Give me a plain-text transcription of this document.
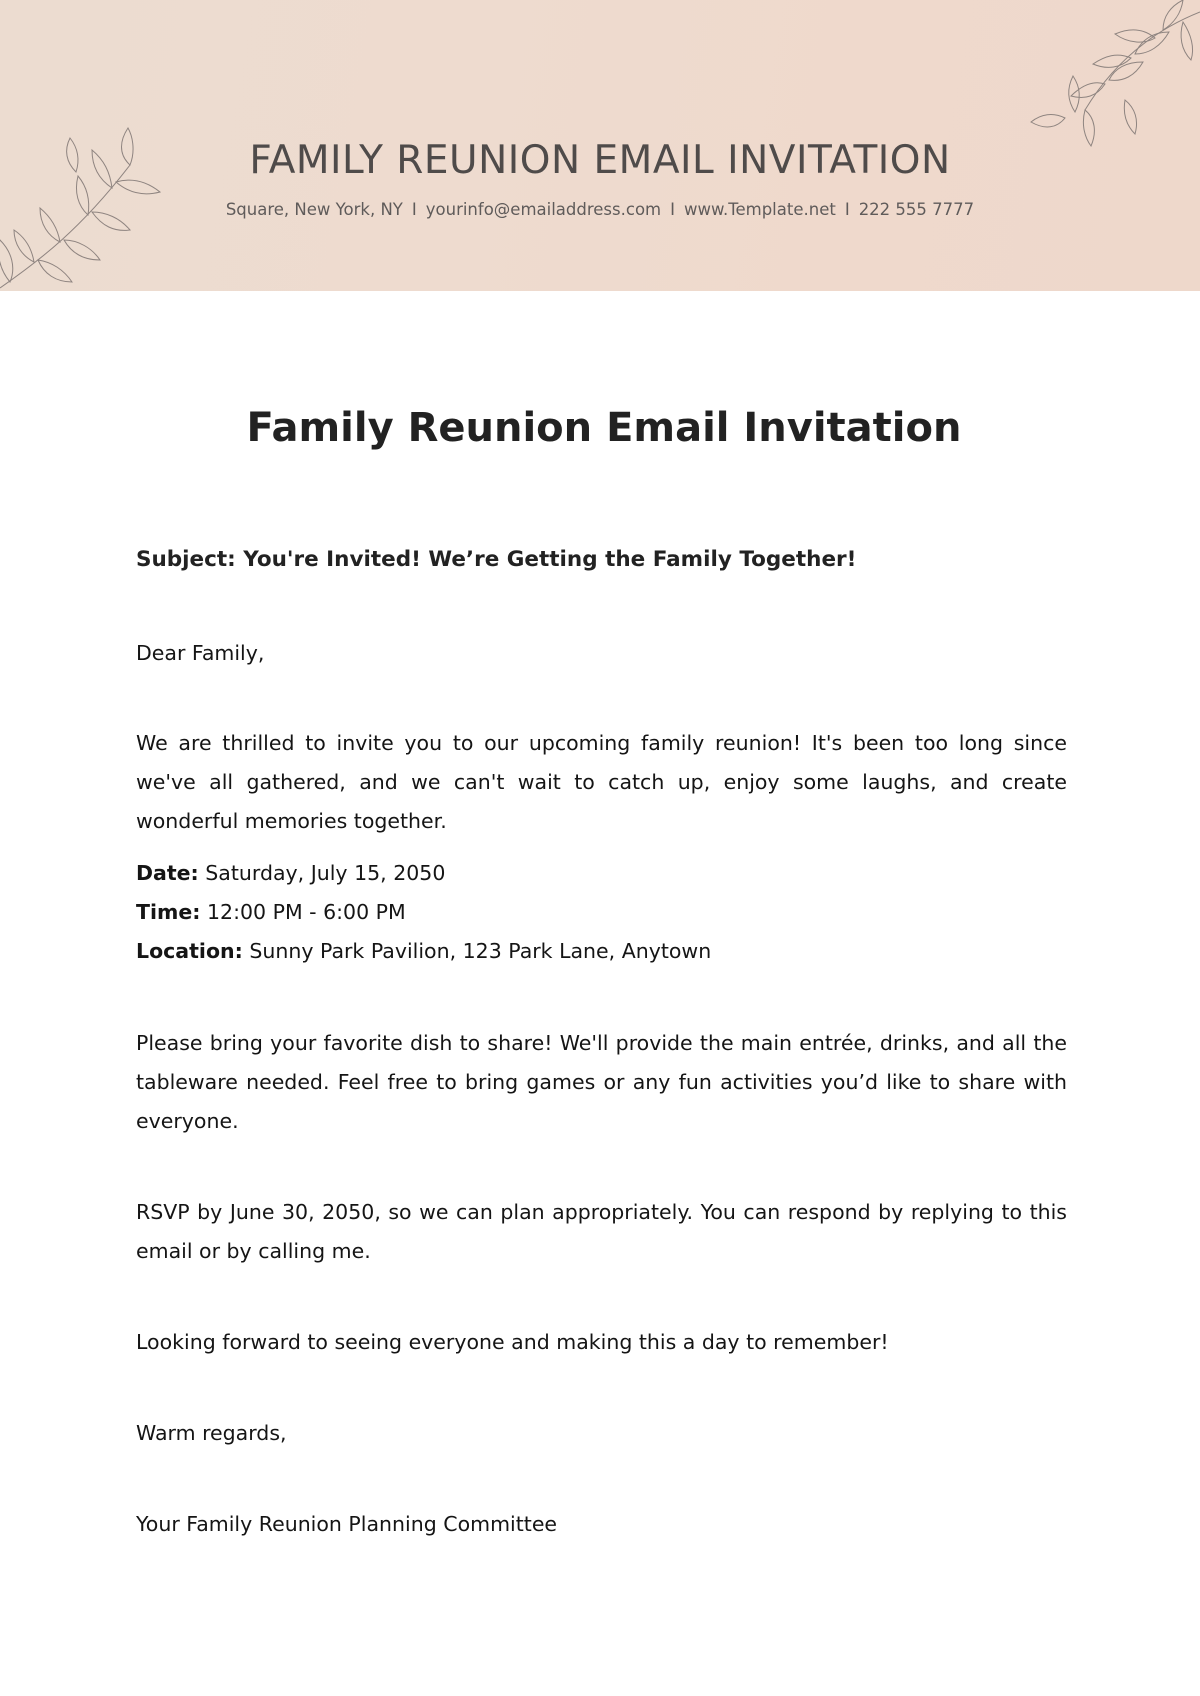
FAMILY REUNION EMAIL INVITATION
Square, New York, NY I yourinfo@emailaddress.com I www.Template.net I 222 555 7777
Family Reunion Email Invitation
Subject: You're Invited! We’re Getting the Family Together!
Dear Family,
We are thrilled to invite you to our upcoming family reunion! It's been too long since we've all gathered, and we can't wait to catch up, enjoy some laughs, and create wonderful memories together.
Date: Saturday, July 15, 2050
Time: 12:00 PM - 6:00 PM
Location: Sunny Park Pavilion, 123 Park Lane, Anytown
Please bring your favorite dish to share! We'll provide the main entrée, drinks, and all the tableware needed. Feel free to bring games or any fun activities you’d like to share with everyone.
RSVP by June 30, 2050, so we can plan appropriately. You can respond by replying to this email or by calling me.
Looking forward to seeing everyone and making this a day to remember!
Warm regards,
Your Family Reunion Planning Committee
